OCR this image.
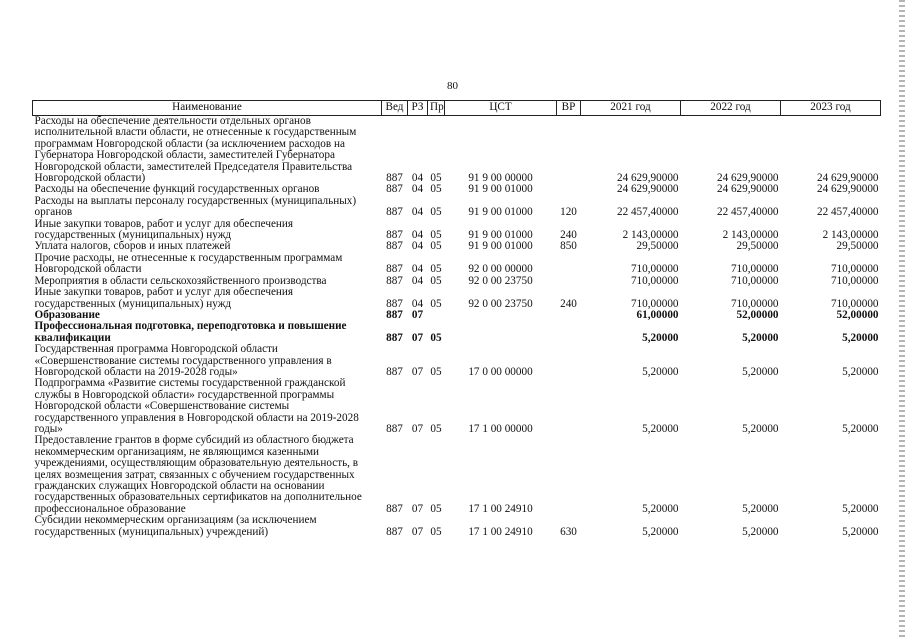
80
Наименование	Вед	РЗ	Пр	ЦСТ	ВР	2021 год	2022 год	2023 год
Расходы на обеспечение деятельности отдельных органов исполнительной власти области, не отнесенные к государственным программам Новгородской области (за исключением расходов на Губернатора Новгородской области, заместителей Губернатора Новгородской области, заместителей Председателя Правительства Новгородской области)	887	04	05	91 9 00 00000		24 629,90000	24 629,90000	24 629,90000
Расходы на обеспечение функций государственных органов	887	04	05	91 9 00 01000		24 629,90000	24 629,90000	24 629,90000
Расходы на выплаты персоналу государственных (муниципальных) органов	887	04	05	91 9 00 01000	120	22 457,40000	22 457,40000	22 457,40000
Иные закупки товаров, работ и услуг для обеспечения государственных (муниципальных) нужд	887	04	05	91 9 00 01000	240	2 143,00000	2 143,00000	2 143,00000
Уплата налогов, сборов и иных платежей	887	04	05	91 9 00 01000	850	29,50000	29,50000	29,50000
Прочие расходы, не отнесенные к государственным программам Новгородской области	887	04	05	92 0 00 00000		710,00000	710,00000	710,00000
Мероприятия в области сельскохозяйственного производства	887	04	05	92 0 00 23750		710,00000	710,00000	710,00000
Иные закупки товаров, работ и услуг для обеспечения государственных (муниципальных) нужд	887	04	05	92 0 00 23750	240	710,00000	710,00000	710,00000
Образование	887	07				61,00000	52,00000	52,00000
Профессиональная подготовка, переподготовка и повышение квалификации	887	07	05			5,20000	5,20000	5,20000
Государственная программа Новгородской области «Совершенствование системы государственного управления в Новгородской области на 2019-2028 годы»	887	07	05	17 0 00 00000		5,20000	5,20000	5,20000
Подпрограмма «Развитие системы государственной гражданской службы в Новгородской области» государственной программы Новгородской области «Совершенствование системы государственного управления в Новгородской области на 2019-2028 годы»	887	07	05	17 1 00 00000		5,20000	5,20000	5,20000
Предоставление грантов в форме субсидий из областного бюджета некоммерческим организациям, не являющимся казенными учреждениями, осуществляющим образовательную деятельность, в целях возмещения затрат, связанных с обучением государственных гражданских служащих Новгородской области на основании государственных образовательных сертификатов на дополнительное профессиональное образование	887	07	05	17 1 00 24910		5,20000	5,20000	5,20000
Субсидии некоммерческим организациям (за исключением государственных (муниципальных) учреждений)	887	07	05	17 1 00 24910	630	5,20000	5,20000	5,20000
